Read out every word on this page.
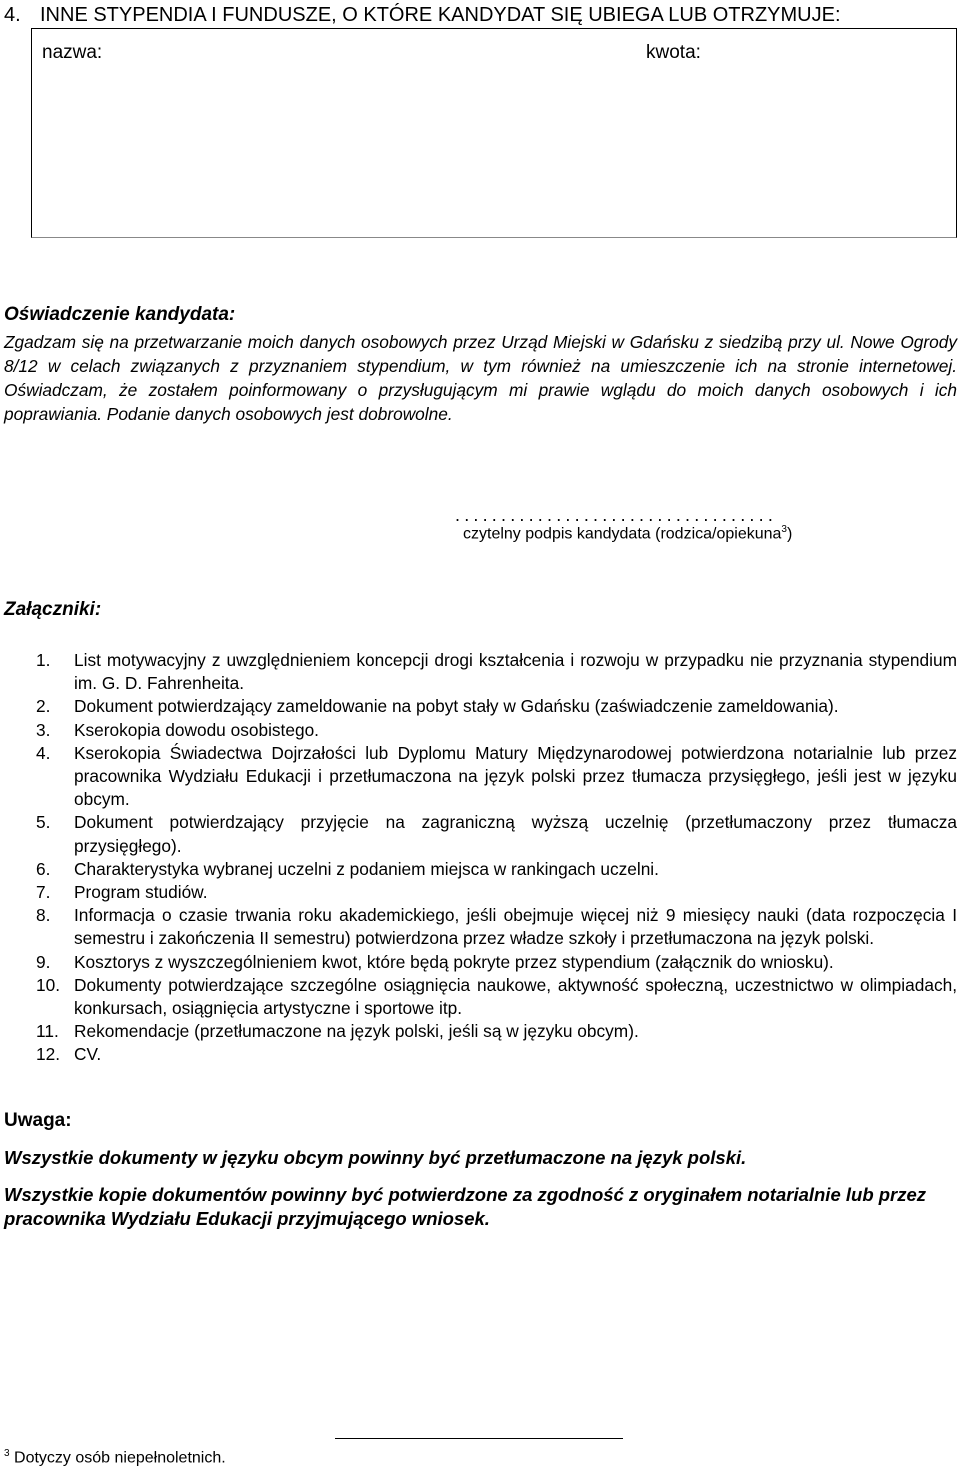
4. INNE STYPENDIA I FUNDUSZE, O KTÓRE KANDYDAT SIĘ UBIEGA LUB OTRZYMUJE:
nazwa:	kwota:
Oświadczenie kandydata:
Zgadzam się na przetwarzanie moich danych osobowych przez Urząd Miejski w Gdańsku z siedzibą przy ul. Nowe Ogrody 8/12 w celach związanych z przyznaniem stypendium, w tym również na umieszczenie ich na stronie internetowej. Oświadczam, że zostałem poinformowany o przysługującym mi prawie wglądu do moich danych osobowych i ich poprawiania. Podanie danych osobowych jest dobrowolne.
...................................
czytelny podpis kandydata (rodzica/opiekuna$^3$)
Załączniki:
1. List motywacyjny z uwzględnieniem koncepcji drogi kształcenia i rozwoju w przypadku nie przyznania stypendium im. G. D. Fahrenheita.
2. Dokument potwierdzający zameldowanie na pobyt stały w Gdańsku (zaświadczenie zameldowania).
3. Kserokopia dowodu osobistego.
4. Kserokopia Świadectwa Dojrzałości lub Dyplomu Matury Międzynarodowej potwierdzona notarialnie lub przez pracownika Wydziału Edukacji i przetłumaczona na język polski przez tłumacza przysięgłego, jeśli jest w języku obcym.
5. Dokument potwierdzający przyjęcie na zagraniczną wyższą uczelnię (przetłumaczony przez tłumacza przysięgłego).
6. Charakterystyka wybranej uczelni z podaniem miejsca w rankingach uczelni.
7. Program studiów.
8. Informacja o czasie trwania roku akademickiego, jeśli obejmuje więcej niż 9 miesięcy nauki (data rozpoczęcia I semestru i zakończenia II semestru) potwierdzona przez władze szkoły i przetłumaczona na język polski.
9. Kosztorys z wyszczególnieniem kwot, które będą pokryte przez stypendium (załącznik do wniosku).
10. Dokumenty potwierdzające szczególne osiągnięcia naukowe, aktywność społeczną, uczestnictwo w olimpiadach, konkursach, osiągnięcia artystyczne i sportowe itp.
11. Rekomendacje (przetłumaczone na język polski, jeśli są w języku obcym).
12. CV.
Uwaga:
Wszystkie dokumenty w języku obcym powinny być przetłumaczone na język polski.
Wszystkie kopie dokumentów powinny być potwierdzone za zgodność z oryginałem notarialnie lub przez pracownika Wydziału Edukacji przyjmującego wniosek.
$^3$ Dotyczy osób niepełnoletnich.
